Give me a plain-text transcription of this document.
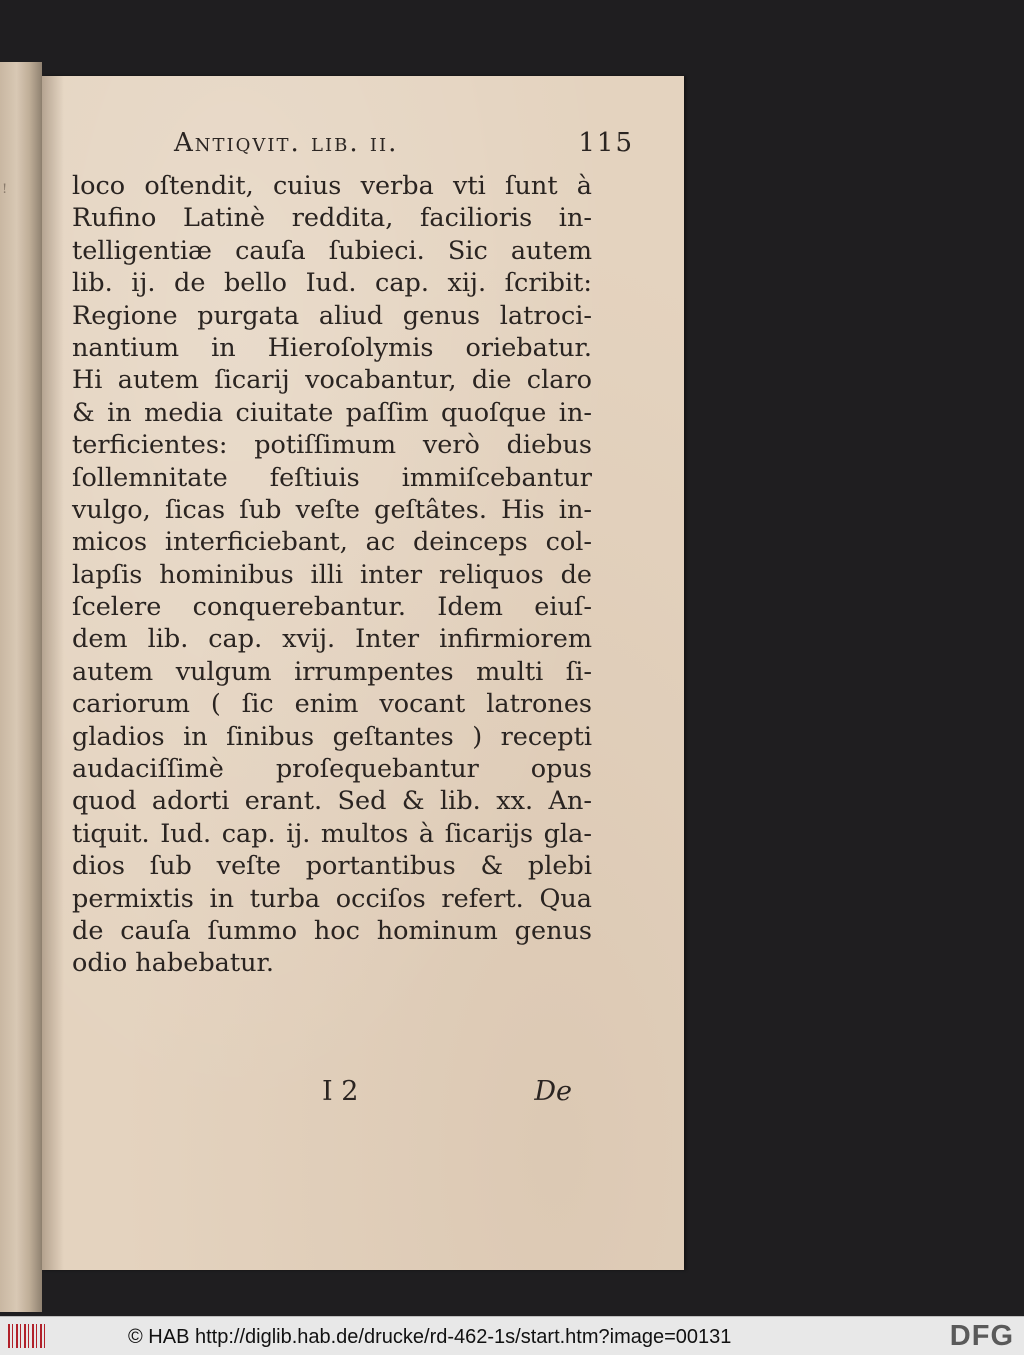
!
Antiqvit. lib. ii.	115
loco oſtendit, cuius verba vti ſunt à
Rufino Latinè reddita, facilioris in-
telligentiæ cauſa ſubieci. Sic autem
lib. ij. de bello Iud. cap. xij. ſcribit:
Regione purgata aliud genus latroci-
nantium in Hieroſolymis oriebatur.
Hi autem ſicarij vocabantur, die claro
& in media ciuitate paſſim quoſque in-
terficientes: potiſſimum verò diebus
ſollemnitate feſtiuis immiſcebantur
vulgo, ſicas ſub veſte geſtâtes. His in-
micos interficiebant, ac deinceps col-
lapſis hominibus illi inter reliquos de
ſcelere conquerebantur. Idem eiuſ-
dem lib. cap. xvij. Inter infirmiorem
autem vulgum irrumpentes multi ſi-
cariorum ( ſic enim vocant latrones
gladios in ſinibus geſtantes ) recepti
audaciſſimè proſequebantur opus
quod adorti erant. Sed & lib. xx. An-
tiquit. Iud. cap. ij. multos à ſicarijs gla-
dios ſub veſte portantibus & plebi
permixtis in turba occiſos refert. Qua
de cauſa ſummo hoc hominum genus
odio habebatur.
I 2	De
© HAB http://diglib.hab.de/drucke/rd-462-1s/start.htm?image=00131	DFG
